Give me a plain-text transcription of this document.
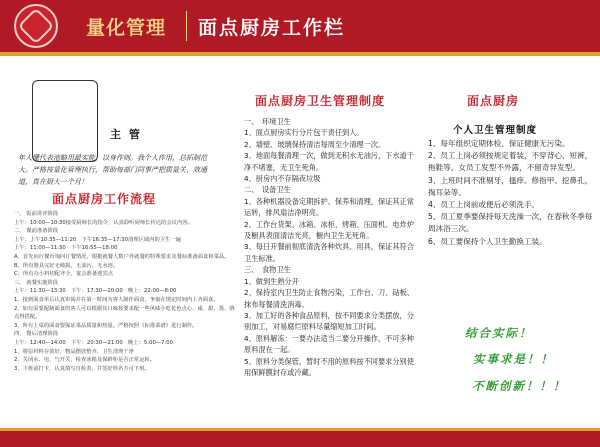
量化管理 面点厨房工作栏
主 管
年人懂代表池略用最实能，以身作则。我个人作用，总拓制范大。严格按量化管理执行，帮助每部门同事严把质量关、效通道，真在厨大一个月！
面点厨房工作流程
一、 饭前讲评阶段
上午：10:00—10:30接受厨师长的指令，认真聆听厨师长传达的会议内容。
二、 餐前准备阶段
上午：上午10:35—11:20　下午16:35—17:30清理区域内的卫生一遍
上午：11:00—11:30　下午16:55—18:00
A、首先向行餐台询问订餐情况，根据就餐人数户外就餐的特殊要求及餐标准备面食和菜品。
B、所有器具完好无破损，无油污，无水迹。
C、所有办小料切配齐全，宴会准备迎宾点
三、 就餐实施阶段
上午：11:30—13:30　下午：17:30—20:00　晚上：22:00—8:00
1、接到面食单后认真审阅并在第一时间为客人制作面食，争取在规定时间内上齐面食。
2、如有需要配制面食的客人可以根据其口味按要求配一些风味小吃花色点心、咸、甜、蒸、烙点得搭配。
3、所有上桌的面食要保证菜品质量和热量。严格按照《标准菜谱》进行制作。
四、 餐后清理阶段
上午：12:40—14:00　下午：20:30—21:00　晚上：5:00—7:00
1、将原材料存放好，物品摆放整齐，卫生清理干净
2、关闭水、电、气开关，检查冰箱及保鲜柜是否正常运转。
3、下班前打卡，认真填写自检表，并签好姓名方可下班。
面点厨房卫生管理制度
一、　环境卫生
1、面点厨房实行分片包干责任到人。
2、墙壁、玻璃保持清洁每周至少清理一次。
3、地面每餐清理一次，做到无积水无油污，下水道干净不堵塞，无卫生死角。
4、厨房内不存隔夜垃圾
二、　设备卫生
1、各种机器设备定期拆护、保养和清理，保证其正常运转，排风扇洁净明亮。
2、工作台货架、冰箱、冰柜、烤箱、压面机、电炸炉及橱具表面清洁光亮，橱内卫生无死角。
3、每日开餐前彻底清洗各种炊具、用具，保证其符合卫生标准。
三、　食物卫生
1、做到生熟分开
2、保持室内卫生防止食物污染，工作台、刀、砧板、抹布每餐清洗消毒。
3、加工好的各种食品原料，按不同要求分类摆放，分别加工，对易腐烂原料尽量缩短加工时间。
4、原料解冻：一要办法适当二要分开操作，不可多种原料混在一起。
5、原料分类保管，暂时不用的原料按不同要求分别使用保鲜膜封存或冷藏。
面点厨房
个人卫生管理制度
1、每年组织定期体检、保证健康无污染。
2、员工上岗必须按规定着装，不穿背心、短裤，拖鞋等。女员工发型不外露，不留奇异发型。
3、上班时间不准剔牙，搔痒。修指甲、挖鼻孔，掏耳朵等。
4、员工上岗前或便后必须洗手。
5、员工夏季要保持每天洗澡一次，在春秋冬季每周沐浴三次。
6、员工要保持个人卫生勤换工装。
结合实际！
实事求是！！
不断创新！！！
